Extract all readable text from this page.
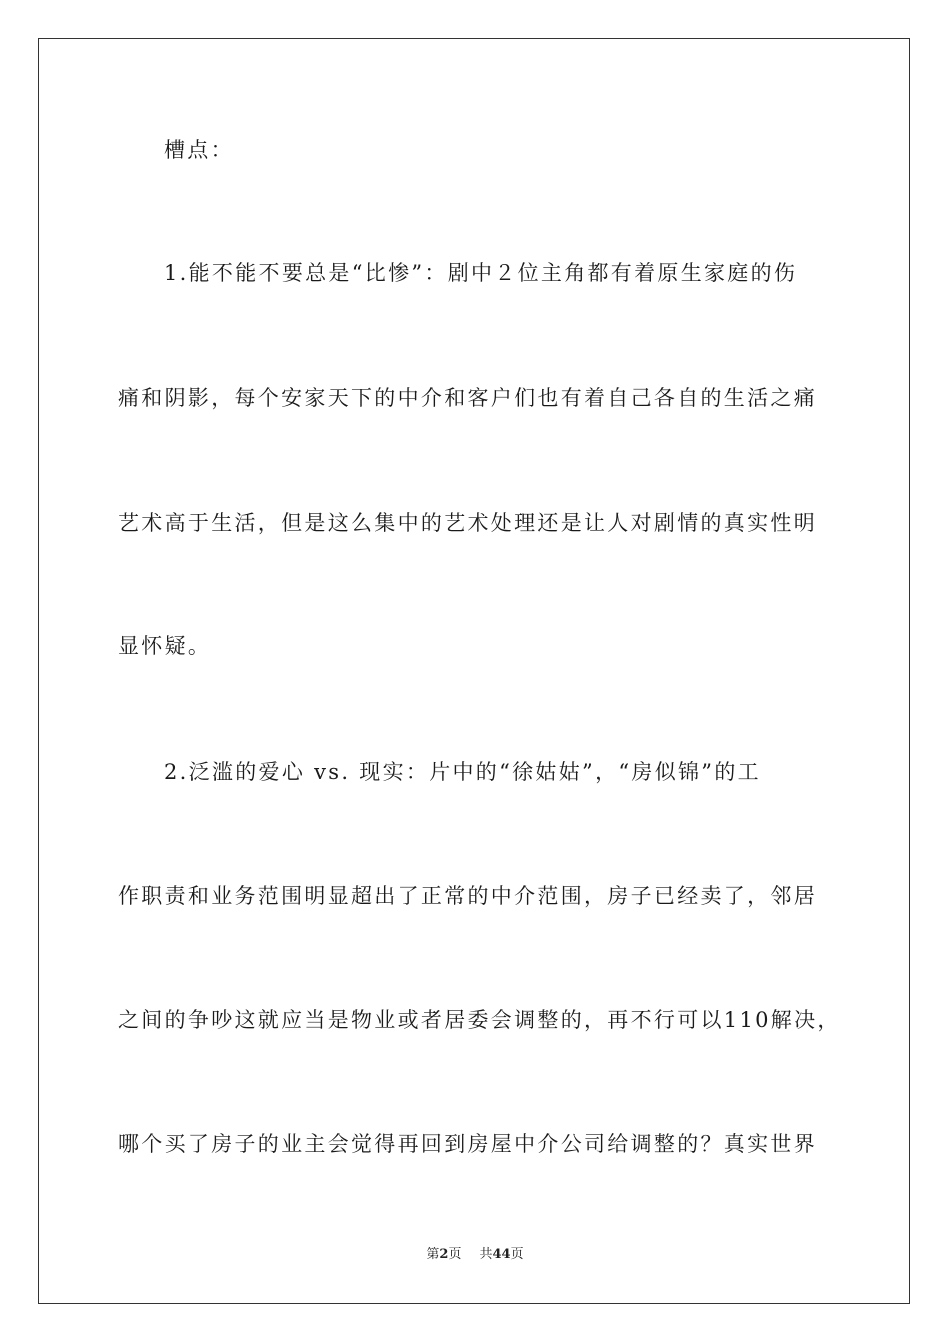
槽点：
1.能不能不要总是“比惨”：剧中２位主角都有着原生家庭的伤
痛和阴影，每个安家天下的中介和客户们也有着自己各自的生活之痛
艺术高于生活，但是这么集中的艺术处理还是让人对剧情的真实性明
显怀疑。
2.泛滥的爱心 vs. 现实：片中的“徐姑姑”，“房似锦”的工
作职责和业务范围明显超出了正常的中介范围，房子已经卖了，邻居
之间的争吵这就应当是物业或者居委会调整的，再不行可以110解决，
哪个买了房子的业主会觉得再回到房屋中介公司给调整的？真实世界
第2页 共44页
